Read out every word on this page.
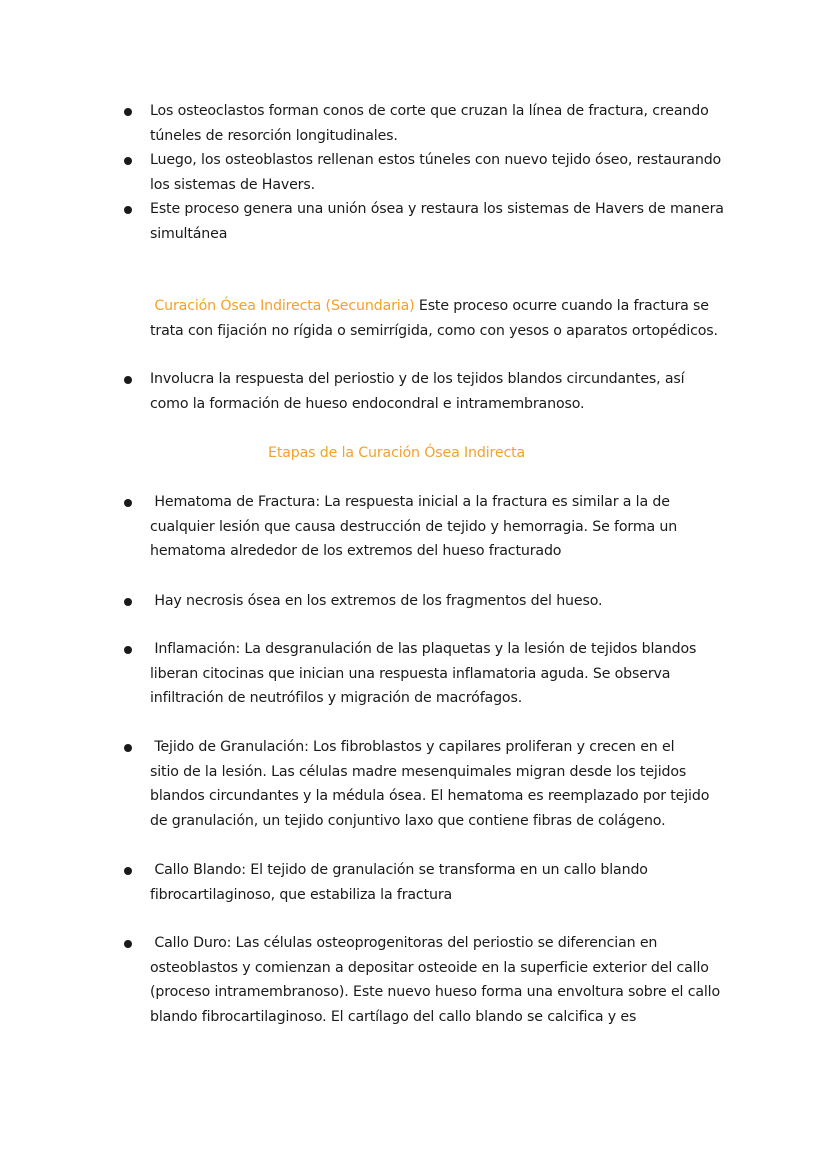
Los osteoclastos forman conos de corte que cruzan la línea de fractura, creando
túneles de resorción longitudinales.
Luego, los osteoblastos rellenan estos túneles con nuevo tejido óseo, restaurando
los sistemas de Havers.
Este proceso genera una unión ósea y restaura los sistemas de Havers de manera
simultánea
Curación Ósea Indirecta (Secundaria) Este proceso ocurre cuando la fractura se
trata con fijación no rígida o semirrígida, como con yesos o aparatos ortopédicos.
Involucra la respuesta del periostio y de los tejidos blandos circundantes, así
como la formación de hueso endocondral e intramembranoso.
Etapas de la Curación Ósea Indirecta
Hematoma de Fractura: La respuesta inicial a la fractura es similar a la de
cualquier lesión que causa destrucción de tejido y hemorragia. Se forma un
hematoma alrededor de los extremos del hueso fracturado
Hay necrosis ósea en los extremos de los fragmentos del hueso.
Inflamación: La desgranulación de las plaquetas y la lesión de tejidos blandos
liberan citocinas que inician una respuesta inflamatoria aguda. Se observa
infiltración de neutrófilos y migración de macrófagos.
Tejido de Granulación: Los fibroblastos y capilares proliferan y crecen en el
sitio de la lesión. Las células madre mesenquimales migran desde los tejidos
blandos circundantes y la médula ósea. El hematoma es reemplazado por tejido
de granulación, un tejido conjuntivo laxo que contiene fibras de colágeno.
Callo Blando: El tejido de granulación se transforma en un callo blando
fibrocartilaginoso, que estabiliza la fractura
Callo Duro: Las células osteoprogenitoras del periostio se diferencian en
osteoblastos y comienzan a depositar osteoide en la superficie exterior del callo
(proceso intramembranoso). Este nuevo hueso forma una envoltura sobre el callo
blando fibrocartilaginoso. El cartílago del callo blando se calcifica y es
